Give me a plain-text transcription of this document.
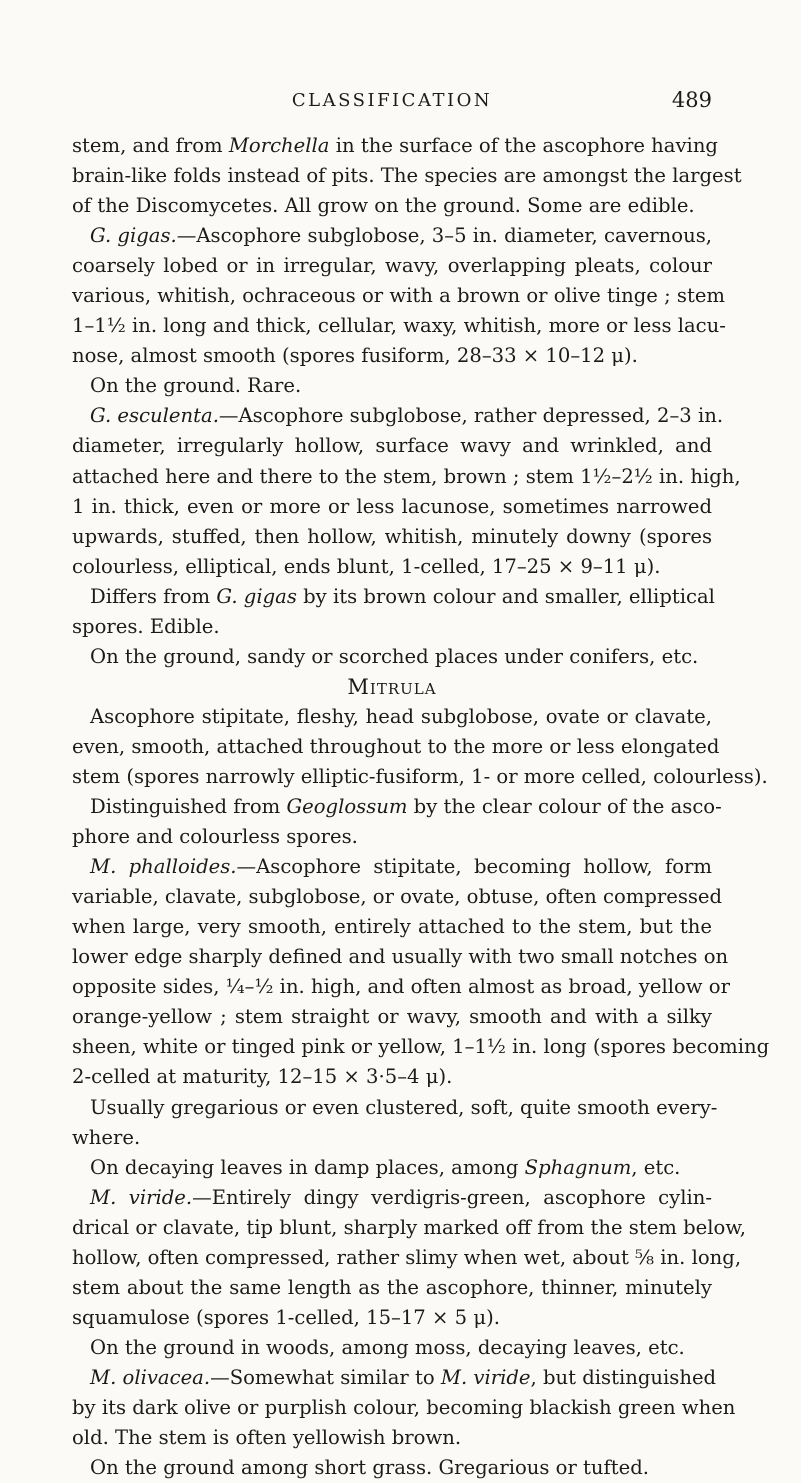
CLASSIFICATION	489
stem, and from Morchella in the surface of the ascophore having
brain-like folds instead of pits. The species are amongst the largest
of the Discomycetes. All grow on the ground. Some are edible.
G. gigas.—Ascophore subglobose, 3–5 in. diameter, cavernous,
coarsely lobed or in irregular, wavy, overlapping pleats, colour
various, whitish, ochraceous or with a brown or olive tinge ; stem
1–1½ in. long and thick, cellular, waxy, whitish, more or less lacu-
nose, almost smooth (spores fusiform, 28–33 × 10–12 μ).
On the ground. Rare.
G. esculenta.—Ascophore subglobose, rather depressed, 2–3 in.
diameter, irregularly hollow, surface wavy and wrinkled, and
attached here and there to the stem, brown ; stem 1½–2½ in. high,
1 in. thick, even or more or less lacunose, sometimes narrowed
upwards, stuffed, then hollow, whitish, minutely downy (spores
colourless, elliptical, ends blunt, 1-celled, 17–25 × 9–11 μ).
Differs from G. gigas by its brown colour and smaller, elliptical
spores. Edible.
On the ground, sandy or scorched places under conifers, etc.
Mitrula
Ascophore stipitate, fleshy, head subglobose, ovate or clavate,
even, smooth, attached throughout to the more or less elongated
stem (spores narrowly elliptic-fusiform, 1- or more celled, colourless).
Distinguished from Geoglossum by the clear colour of the asco-
phore and colourless spores.
M. phalloides.—Ascophore stipitate, becoming hollow, form
variable, clavate, subglobose, or ovate, obtuse, often compressed
when large, very smooth, entirely attached to the stem, but the
lower edge sharply defined and usually with two small notches on
opposite sides, ¼–½ in. high, and often almost as broad, yellow or
orange-yellow ; stem straight or wavy, smooth and with a silky
sheen, white or tinged pink or yellow, 1–1½ in. long (spores becoming
2-celled at maturity, 12–15 × 3·5–4 μ).
Usually gregarious or even clustered, soft, quite smooth every-
where.
On decaying leaves in damp places, among Sphagnum, etc.
M. viride.—Entirely dingy verdigris-green, ascophore cylin-
drical or clavate, tip blunt, sharply marked off from the stem below,
hollow, often compressed, rather slimy when wet, about ⅝ in. long,
stem about the same length as the ascophore, thinner, minutely
squamulose (spores 1-celled, 15–17 × 5 μ).
On the ground in woods, among moss, decaying leaves, etc.
M. olivacea.—Somewhat similar to M. viride, but distinguished
by its dark olive or purplish colour, becoming blackish green when
old. The stem is often yellowish brown.
On the ground among short grass. Gregarious or tufted.
